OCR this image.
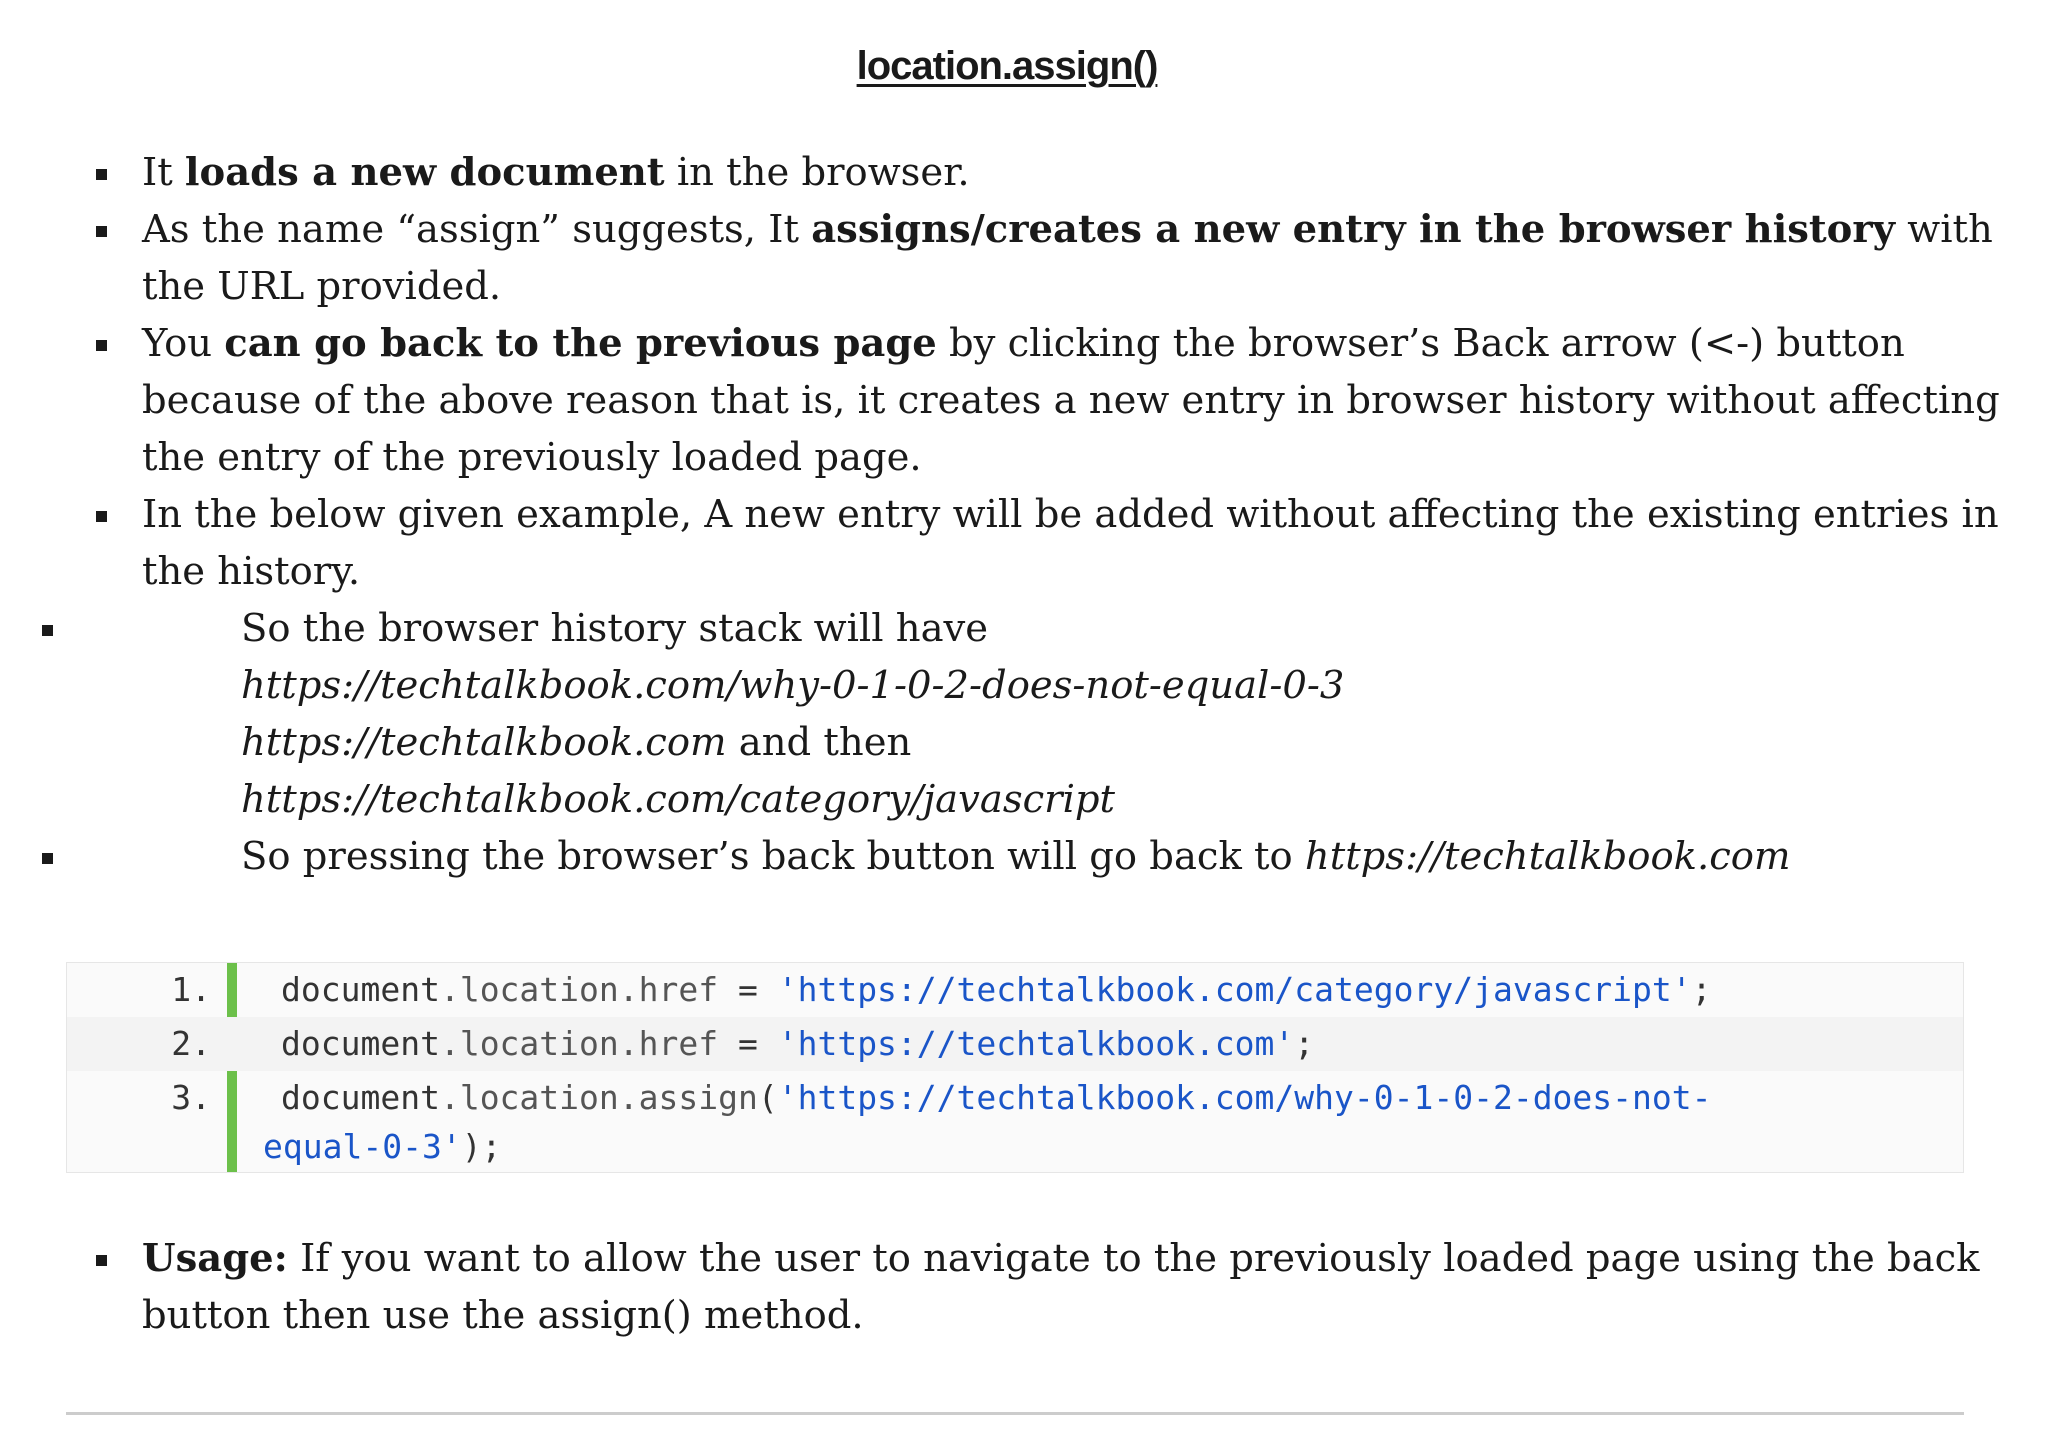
location.assign()
It loads a new document in the browser.
As the name “assign” suggests, It assigns/creates a new entry in the browser history with the URL provided.
You can go back to the previous page by clicking the browser’s Back arrow (<-) button because of the above reason that is, it creates a new entry in browser history without affecting the entry of the previously loaded page.
In the below given example, A new entry will be added without affecting the existing entries in the history.
So the browser history stack will have
https://techtalkbook.com/why-0-1-0-2-does-not-equal-0-3
https://techtalkbook.com and then
https://techtalkbook.com/category/javascript
So pressing the browser’s back button will go back to https://techtalkbook.com
1. document.location.href = 'https://techtalkbook.com/category/javascript';
2. document.location.href = 'https://techtalkbook.com';
3. document.location.assign('https://techtalkbook.com/why-0-1-0-2-does-not-
equal-0-3');
Usage: If you want to allow the user to navigate to the previously loaded page using the back button then use the assign() method.
